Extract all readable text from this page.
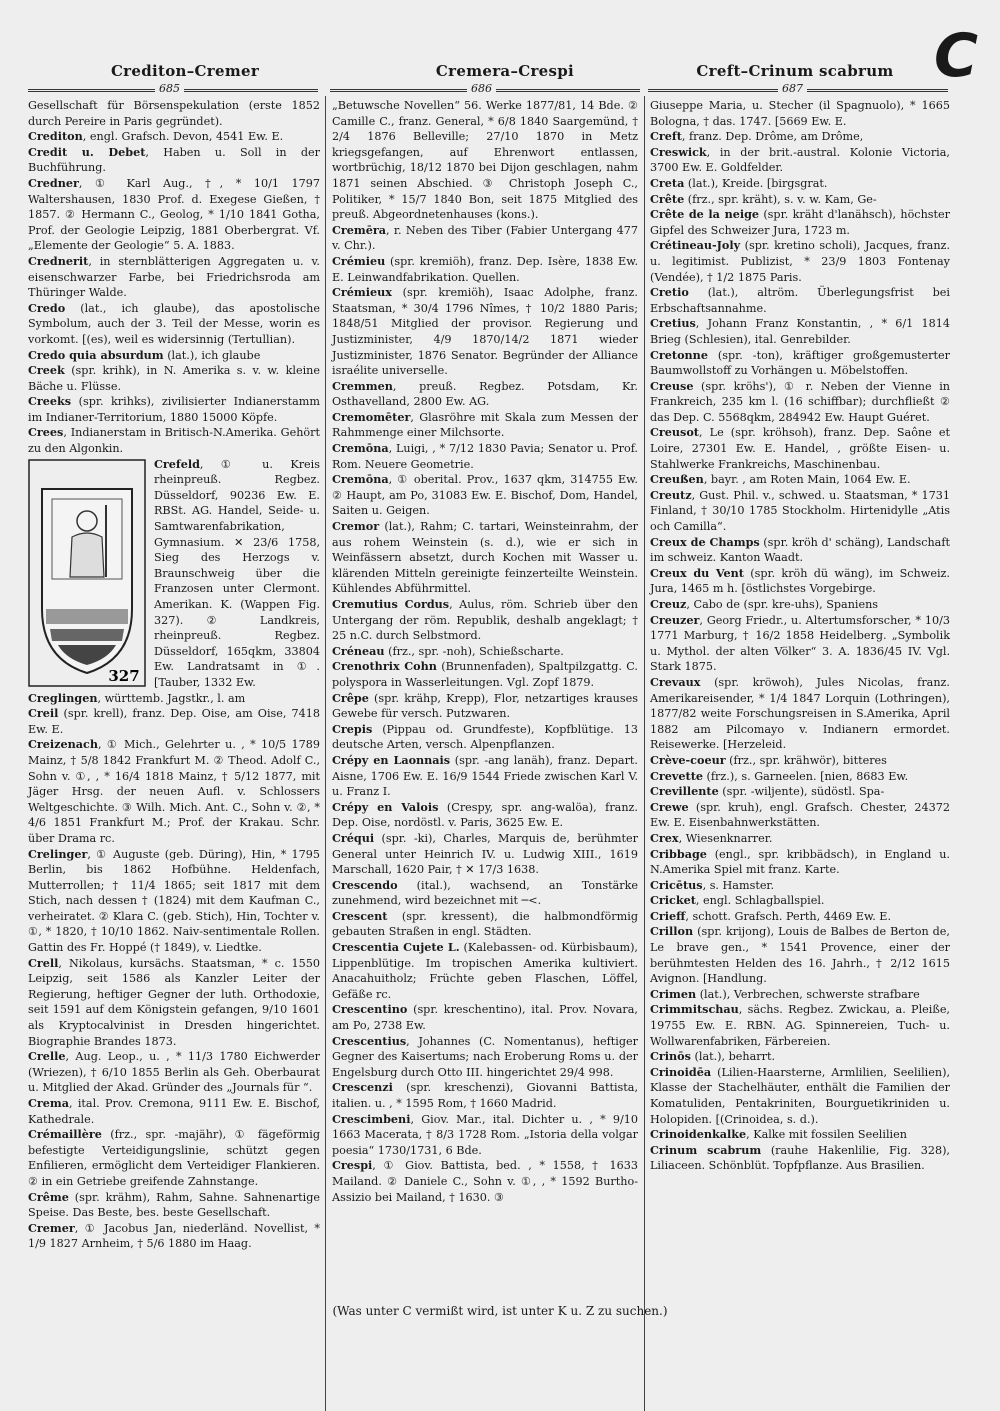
Crediton–Cremer	Cremera–Crespi	Creft–Crinum scabrum C
685	686	687

Gesellschaft für Börsenspekulation (erste 1852 durch Pereire in Paris gegründet).

Crediton, engl. Grafsch. Devon, 4541 Ew. E.

Credit u. Debet, Haben u. Soll in der Buchführung.

Credner, ① Karl Aug., †, * 10/1 1797 Waltershausen, 1830 Prof. d. Exegese Gießen, † 1857. ② Hermann C., Geolog, * 1/10 1841 Gotha, Prof. der Geologie Leipzig, 1881 Oberbergrat. Vf. „Elemente der Geologie“ 5. A. 1883.

Crednerit, in sternblätterigen Aggregaten u. v. eisenschwarzer Farbe, bei Friedrichsroda am Thüringer Walde.

Credo (lat., ich glaube), das apostolische Symbolum, auch der 3. Teil der Messe, worin es vorkomt. [(es), weil es widersinnig (Tertullian).

Credo quia absurdum (lat.), ich glaube

Creek (spr. krihk), in N. Amerika s. v. w. kleine Bäche u. Flüsse.

Creeks (spr. krihks), zivilisierter Indianerstamm im Indianer-Territorium, 1880 15000 Köpfe.

Crees, Indianerstam in Britisch-N.Amerika. Gehört zu den Algonkin.

327
Crefeld, ① u. Kreis rheinpreuß. Regbez. Düsseldorf, 90236 Ew. E. RBSt. AG. Handel, Seide- u. Samtwarenfabrikation, Gymnasium. ✕ 23/6 1758, Sieg des Herzogs v. Braunschweig über die Franzosen unter Clermont. Amerikan. K. (Wappen Fig. 327). ② Landkreis, rheinpreuß. Regbez. Düsseldorf, 165qkm, 33804 Ew. Landratsamt in ①. [Tauber, 1332 Ew.

Creglingen, württemb. Jagstkr., l. am

Creil (spr. krell), franz. Dep. Oise, am Oise, 7418 Ew. E.

Creizenach, ① Mich., Gelehrter u. , * 10/5 1789 Mainz, † 5/8 1842 Frankfurt M. ② Theod. Adolf C., Sohn v. ①, , * 16/4 1818 Mainz, † 5/12 1877, mit Jäger Hrsg. der neuen Aufl. v. Schlossers Weltgeschichte. ③ Wilh. Mich. Ant. C., Sohn v. ②, * 4/6 1851 Frankfurt M.; Prof. der Krakau. Schr. über Drama rc.

Crelinger, ① Auguste (geb. Düring), Hin, * 1795 Berlin, bis 1862 Hofbühne. Heldenfach, Mutterrollen; † 11/4 1865; seit 1817 mit dem Stich, nach dessen † (1824) mit dem Kaufman C., verheiratet. ② Klara C. (geb. Stich), Hin, Tochter v. ①, * 1820, † 10/10 1862. Naiv-sentimentale Rollen. Gattin des Fr. Hoppé († 1849), v. Liedtke.

Crell, Nikolaus, kursächs. Staatsman, * c. 1550 Leipzig, seit 1586 als Kanzler Leiter der Regierung, heftiger Gegner der luth. Orthodoxie, seit 1591 auf dem Königstein gefangen, 9/10 1601 als Kryptocalvinist in Dresden hingerichtet. Biographie Brandes 1873.

Crelle, Aug. Leop., u. , * 11/3 1780 Eichwerder (Wriezen), † 6/10 1855 Berlin als Geh. Oberbaurat u. Mitglied der Akad. Gründer des „Journals für “.

Crema, ital. Prov. Cremona, 9111 Ew. E. Bischof, Kathedrale.

Crémaillère (frz., spr. -majähr), ① fägeförmig befestigte Verteidigungslinie, schützt gegen Enfilieren, ermöglicht dem Verteidiger Flankieren. ② in ein Getriebe greifende Zahnstange.

Crême (spr. krähm), Rahm, Sahne. Sahnenartige Speise. Das Beste, bes. beste Gesellschaft.

Cremer, ① Jacobus Jan, niederländ. Novellist, * 1/9 1827 Arnheim, † 5/6 1880 im Haag.

„Betuwsche Novellen“ 56. Werke 1877/81, 14 Bde. ② Camille C., franz. General, * 6/8 1840 Saargemünd, † 2/4 1876 Belleville; 27/10 1870 in Metz kriegsgefangen, auf Ehrenwort entlassen, wortbrüchig, 18/12 1870 bei Dijon geschlagen, nahm 1871 seinen Abschied. ③ Christoph Joseph C., Politiker, * 15/7 1840 Bon, seit 1875 Mitglied des preuß. Abgeordnetenhauses (kons.).

Cremēra, r. Neben des Tiber (Fabier Untergang 477 v. Chr.).

Crémieu (spr. kremiöh), franz. Dep. Isère, 1838 Ew. E. Leinwandfabrikation. Quellen.

Crémieux (spr. kremiöh), Isaac Adolphe, franz. Staatsman, * 30/4 1796 Nîmes, † 10/2 1880 Paris; 1848/51 Mitglied der provisor. Regierung und Justizminister, 4/9 1870/14/2 1871 wieder Justizminister, 1876 Senator. Begründer der Alliance israélite universelle.

Cremmen, preuß. Regbez. Potsdam, Kr. Osthavelland, 2800 Ew. AG.

Cremomēter, Glasröhre mit Skala zum Messen der Rahmmenge einer Milchsorte.

Cremōna, Luigi, , * 7/12 1830 Pavia; Senator u. Prof. Rom. Neuere Geometrie.

Cremōna, ① oberital. Prov., 1637 qkm, 314755 Ew. ② Haupt, am Po, 31083 Ew. E. Bischof, Dom, Handel, Saiten u. Geigen.

Cremor (lat.), Rahm; C. tartari, Weinsteinrahm, der aus rohem Weinstein (s. d.), wie er sich in Weinfässern absetzt, durch Kochen mit Wasser u. klärenden Mitteln gereinigte feinzerteilte Weinstein. Kühlendes Abführmittel.

Cremutius Cordus, Aulus, röm. Schrieb über den Untergang der röm. Republik, deshalb angeklagt; † 25 n.C. durch Selbstmord.

Créneau (frz., spr. -noh), Schießscharte.

Crenothrix Cohn (Brunnenfaden), Spaltpilzgattg. C. polyspora in Wasserleitungen. Vgl. Zopf 1879.

Crêpe (spr. krähp, Krepp), Flor, netzartiges krauses Gewebe für versch. Putzwaren.

Crepis (Pippau od. Grundfeste), Kopfblütige. 13 deutsche Arten, versch. Alpenpflanzen.

Crépy en Laonnais (spr. -ang lanäh), franz. Depart. Aisne, 1706 Ew. E. 16/9 1544 Friede zwischen Karl V. u. Franz I.

Crépy en Valois (Crespy, spr. ang-walöa), franz. Dep. Oise, nordöstl. v. Paris, 3625 Ew. E.

Créqui (spr. -ki), Charles, Marquis de, berühmter General unter Heinrich IV. u. Ludwig XIII., 1619 Marschall, 1620 Pair, † ✕ 17/3 1638.

Crescendo (ital.), wachsend, an Tonstärke zunehmend, wird bezeichnet mit ─<.

Crescent (spr. kressent), die halbmondförmig gebauten Straßen in engl. Städten.

Crescentia Cujete L. (Kalebassen- od. Kürbisbaum), Lippenblütige. Im tropischen Amerika kultiviert. Anacahuitholz; Früchte geben Flaschen, Löffel, Gefäße rc.

Crescentino (spr. kreschentino), ital. Prov. Novara, am Po, 2738 Ew.

Crescentius, Johannes (C. Nomentanus), heftiger Gegner des Kaisertums; nach Eroberung Roms u. der Engelsburg durch Otto III. hingerichtet 29/4 998.

Crescenzi (spr. kreschenzi), Giovanni Battista, italien. u. , * 1595 Rom, † 1660 Madrid.

Crescimbeni, Giov. Mar., ital. Dichter u. , * 9/10 1663 Macerata, † 8/3 1728 Rom. „Istoria della volgar poesia“ 1730/1731, 6 Bde.

Crespi, ① Giov. Battista, bed. , * 1558, † 1633 Mailand. ② Daniele C., Sohn v. ①, , * 1592 Burtho-Assizio bei Mailand, † 1630. ③

Giuseppe Maria, u. Stecher (il Spagnuolo), * 1665 Bologna, † das. 1747. [5669 Ew. E.

Creft, franz. Dep. Drôme, am Drôme,

Creswick, in der brit.-austral. Kolonie Victoria, 3700 Ew. E. Goldfelder.

Creta (lat.), Kreide. [birgsgrat.

Crête (frz., spr. kräht), s. v. w. Kam, Ge-

Crête de la neige (spr. kräht d'lanähsch), höchster Gipfel des Schweizer Jura, 1723 m.

Crétineau-Joly (spr. kretino scholi), Jacques, franz. u. legitimist. Publizist, * 23/9 1803 Fontenay (Vendée), † 1/2 1875 Paris.

Cretio (lat.), altröm. Überlegungsfrist bei Erbschaftsannahme.

Cretius, Johann Franz Konstantin, , * 6/1 1814 Brieg (Schlesien), ital. Genrebilder.

Cretonne (spr. -ton), kräftiger großgemusterter Baumwollstoff zu Vorhängen u. Möbelstoffen.

Creuse (spr. kröhs'), ① r. Neben der Vienne in Frankreich, 235 km l. (16 schiffbar); durchfließt ② das Dep. C. 5568qkm, 284942 Ew. Haupt Guéret.

Creusot, Le (spr. kröhsoh), franz. Dep. Saône et Loire, 27301 Ew. E. Handel, , größte Eisen- u. Stahlwerke Frankreichs, Maschinenbau.

Creußen, bayr. , am Roten Main, 1064 Ew. E.

Creutz, Gust. Phil. v., schwed. u. Staatsman, * 1731 Finland, † 30/10 1785 Stockholm. Hirtenidylle „Atis och Camilla“.

Creux de Champs (spr. kröh d' schäng), Landschaft im schweiz. Kanton Waadt.

Creux du Vent (spr. kröh dü wäng), im Schweiz. Jura, 1465 m h. [östlichstes Vorgebirge.

Creuz, Cabo de (spr. kre-uhs), Spaniens

Creuzer, Georg Friedr., u. Altertumsforscher, * 10/3 1771 Marburg, † 16/2 1858 Heidelberg. „Symbolik u. Mythol. der alten Völker“ 3. A. 1836/45 IV. Vgl. Stark 1875.

Crevaux (spr. kröwoh), Jules Nicolas, franz. Amerikareisender, * 1/4 1847 Lorquin (Lothringen), 1877/82 weite Forschungsreisen in S.Amerika, April 1882 am Pilcomayo v. Indianern ermordet. Reisewerke. [Herzeleid.

Crève-coeur (frz., spr. krähwör), bitteres

Crevette (frz.), s. Garneelen. [nien, 8683 Ew.

Crevillente (spr. -wiljente), südöstl. Spa-

Crewe (spr. kruh), engl. Grafsch. Chester, 24372 Ew. E. Eisenbahnwerkstätten.

Crex, Wiesenknarrer.

Cribbage (engl., spr. kribbädsch), in England u. N.Amerika Spiel mit franz. Karte.

Cricētus, s. Hamster.

Cricket, engl. Schlagballspiel.

Crieff, schott. Grafsch. Perth, 4469 Ew. E.

Crillon (spr. krijong), Louis de Balbes de Berton de, Le brave gen., * 1541 Provence, einer der berühmtesten Helden des 16. Jahrh., † 2/12 1615 Avignon. [Handlung.

Crimen (lat.), Verbrechen, schwerste strafbare

Crimmitschau, sächs. Regbez. Zwickau, a. Pleiße, 19755 Ew. E. RBN. AG. Spinnereien, Tuch- u. Wollwarenfabriken, Färbereien.

Crinōs (lat.), beharrt.

Crinoidēa (Lilien-Haarsterne, Armlilien, Seelilien), Klasse der Stachelhäuter, enthält die Familien der Komatuliden, Pentakriniten, Bourguetikriniden u. Holopiden. [(Crinoidea, s. d.).

Crinoidenkalke, Kalke mit fossilen Seelilien

Crinum scabrum (rauhe Hakenlilie, Fig. 328), Liliaceen. Schönblüt. Topfpflanze. Aus Brasilien.

(Was unter C vermißt wird, ist unter K u. Z zu suchen.)
